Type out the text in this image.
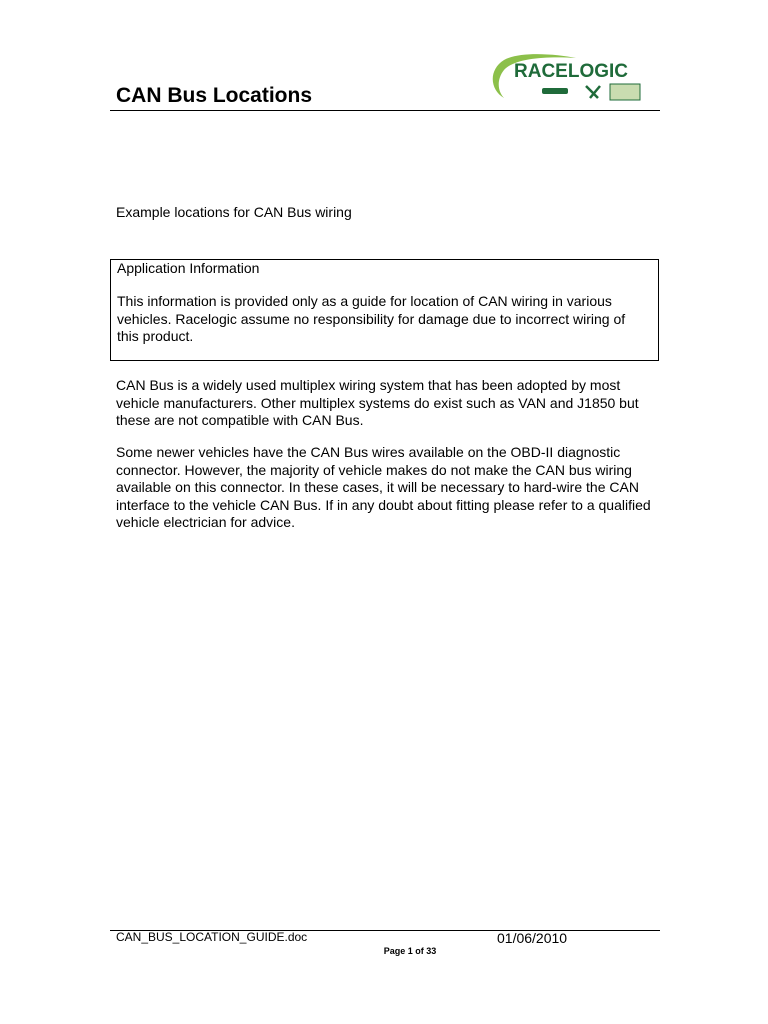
CAN Bus Locations
RACELOGIC

Example locations for CAN Bus wiring

Application Information

This information is provided only as a guide for location of CAN wiring in various vehicles. Racelogic assume no responsibility for damage due to incorrect wiring of this product.

CAN Bus is a widely used multiplex wiring system that has been adopted by most vehicle manufacturers. Other multiplex systems do exist such as VAN and J1850 but these are not compatible with CAN Bus.

Some newer vehicles have the CAN Bus wires available on the OBD-II diagnostic connector. However, the majority of vehicle makes do not make the CAN bus wiring available on this connector. In these cases, it will be necessary to hard-wire the CAN interface to the vehicle CAN Bus. If in any doubt about fitting please refer to a qualified vehicle electrician for advice.

CAN_BUS_LOCATION_GUIDE.doc	01/06/2010

Page 1 of 33
